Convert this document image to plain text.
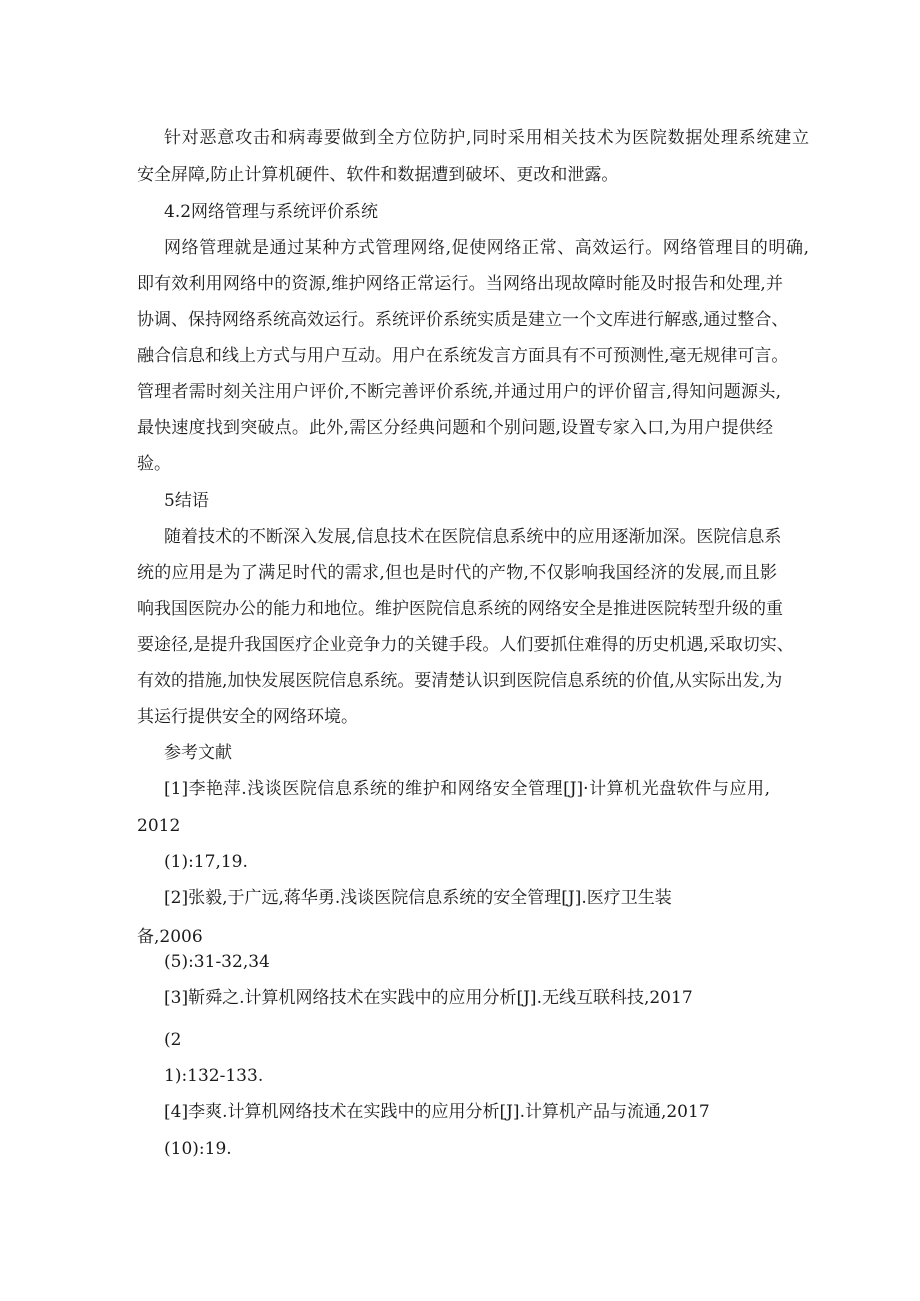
针对恶意攻击和病毒要做到全方位防护,同时采用相关技术为医院数据处理系统建立

安全屏障,防止计算机硬件、软件和数据遭到破坏、更改和泄露。

4.2网络管理与系统评价系统

网络管理就是通过某种方式管理网络,促使网络正常、高效运行。网络管理目的明确,

即有效利用网络中的资源,维护网络正常运行。当网络出现故障时能及时报告和处理,并

协调、保持网络系统高效运行。系统评价系统实质是建立一个文库进行解惑,通过整合、

融合信息和线上方式与用户互动。用户在系统发言方面具有不可预测性,毫无规律可言。

管理者需时刻关注用户评价,不断完善评价系统,并通过用户的评价留言,得知问题源头,

最快速度找到突破点。此外,需区分经典问题和个别问题,设置专家入口,为用户提供经

验。

5结语

随着技术的不断深入发展,信息技术在医院信息系统中的应用逐渐加深。医院信息系

统的应用是为了满足时代的需求,但也是时代的产物,不仅影响我国经济的发展,而且影

响我国医院办公的能力和地位。维护医院信息系统的网络安全是推进医院转型升级的重

要途径,是提升我国医疗企业竞争力的关键手段。人们要抓住难得的历史机遇,采取切实、

有效的措施,加快发展医院信息系统。要清楚认识到医院信息系统的价值,从实际出发,为

其运行提供安全的网络环境。

参考文献

[1]李艳萍.浅谈医院信息系统的维护和网络安全管理[J]·计算机光盘软件与应用,

2012

(1):17,19.

[2]张毅,于广远,蒋华勇.浅谈医院信息系统的安全管理[J].医疗卫生装

备,2006

(5):31-32,34

[3]靳舜之.计算机网络技术在实践中的应用分析[J].无线互联科技,2017

(2

1):132-133.

[4]李爽.计算机网络技术在实践中的应用分析[J].计算机产品与流通,2017

(10):19.
